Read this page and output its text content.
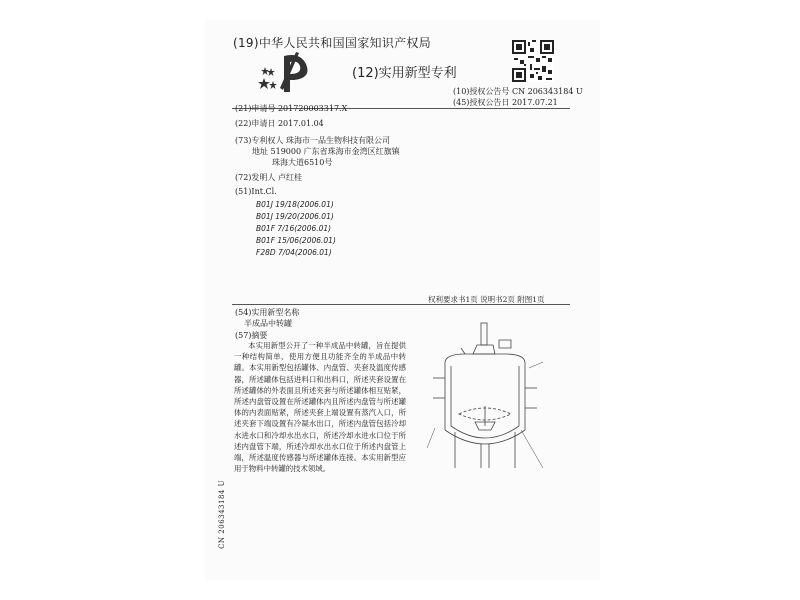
(19)中华人民共和国国家知识产权局
(12)实用新型专利
(10)授权公告号 CN 206343184 U
(45)授权公告日 2017.07.21
(21)申请号 201720003317.X
(22)申请日 2017.01.04
(73)专利权人 珠海市一品生物科技有限公司
地址 519000 广东省珠海市金湾区红旗镇
珠海大道6510号
(72)发明人 卢红桂
(51)Int.Cl.
B01J 19/18(2006.01)
B01J 19/20(2006.01)
B01F 7/16(2006.01)
B01F 15/06(2006.01)
F28D 7/04(2006.01)
权利要求书1页 说明书2页 附图1页
(54)实用新型名称
半成品中转罐
(57)摘要
本实用新型公开了一种半成品中转罐，旨在提供一种结构简单、使用方便且功能齐全的半成品中转罐。本实用新型包括罐体、内盘管、夹套及温度传感器，所述罐体包括进料口和出料口，所述夹套设置在所述罐体的外表面且所述夹套与所述罐体相互贴紧，所述内盘管设置在所述罐体内且所述内盘管与所述罐体的内表面贴紧，所述夹套上端设置有蒸汽入口，所述夹套下端设置有冷凝水出口，所述内盘管包括冷却水进水口和冷却水出水口，所述冷却水进水口位于所述内盘管下端，所述冷却水出水口位于所述内盘管上端，所述温度传感器与所述罐体连接。本实用新型应用于物料中转罐的技术领域。
CN 206343184 U
